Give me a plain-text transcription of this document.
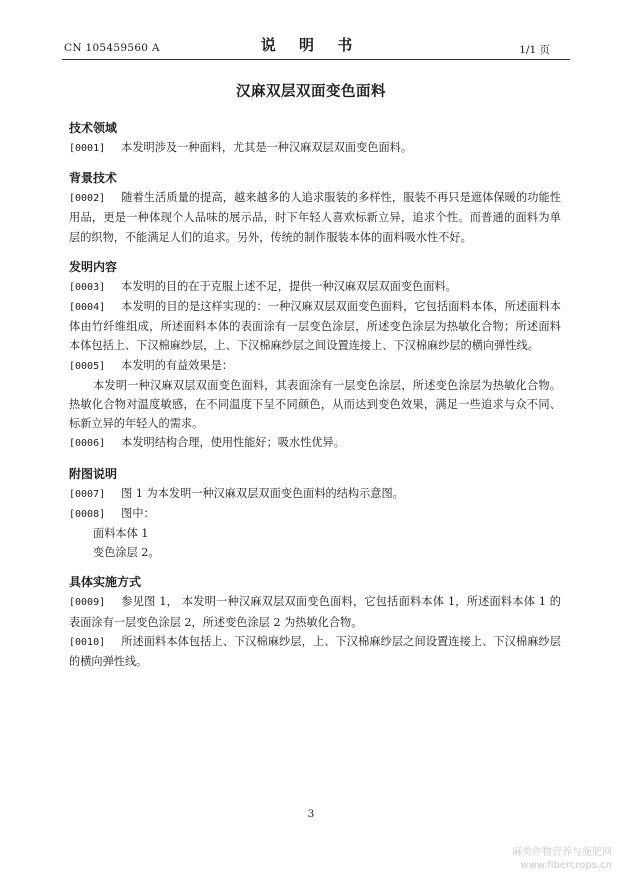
CN 105459560 A	说 明 书	1/1 页
汉麻双层双面变色面料

技术领域

[0001] 本发明涉及一种面料，尤其是一种汉麻双层双面变色面料。

背景技术

[0002] 随着生活质量的提高，越来越多的人追求服装的多样性，服装不再只是遮体保暖的功能性用品，更是一种体现个人品味的展示品，时下年轻人喜欢标新立异，追求个性。而普通的面料为单层的织物，不能满足人们的追求。另外，传统的制作服装本体的面料吸水性不好。

发明内容

[0003] 本发明的目的在于克服上述不足，提供一种汉麻双层双面变色面料。

[0004] 本发明的目的是这样实现的：一种汉麻双层双面变色面料，它包括面料本体，所述面料本体由竹纤维组成，所述面料本体的表面涂有一层变色涂层，所述变色涂层为热敏化合物；所述面料本体包括上、下汉棉麻纱层，上、下汉棉麻纱层之间设置连接上、下汉棉麻纱层的横向弹性线。

[0005] 本发明的有益效果是：

本发明一种汉麻双层双面变色面料，其表面涂有一层变色涂层，所述变色涂层为热敏化合物。热敏化合物对温度敏感，在不同温度下呈不同颜色，从而达到变色效果，满足一些追求与众不同、标新立异的年轻人的需求。

[0006] 本发明结构合理，使用性能好；吸水性优异。

附图说明

[0007] 图 1 为本发明一种汉麻双层双面变色面料的结构示意图。

[0008] 图中：

面料本体 1

变色涂层 2。

具体实施方式

[0009] 参见图 1， 本发明一种汉麻双层双面变色面料，它包括面料本体 1，所述面料本体 1 的表面涂有一层变色涂层 2，所述变色涂层 2 为热敏化合物。

[0010] 所述面料本体包括上、下汉棉麻纱层，上、下汉棉麻纱层之间设置连接上、下汉棉麻纱层的横向弹性线。

3
麻类作物营养与施肥网
www.fibercrops.cn
